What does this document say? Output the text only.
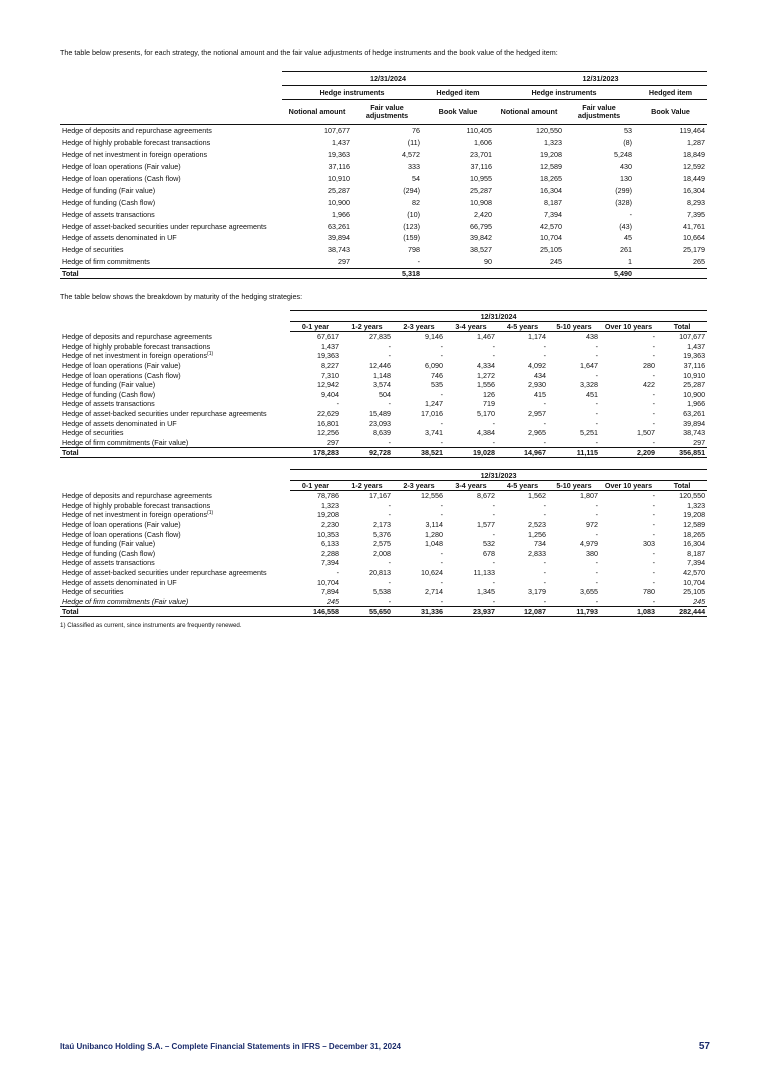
The table below presents, for each strategy, the notional amount and the fair value adjustments of hedge instruments and the book value of the hedged item:

	12/31/2024			12/31/2023		
	Hedge instruments		Hedged item	Hedge instruments		Hedged item
	Notional amount	Fair value adjustments	Book Value	Notional amount	Fair value adjustments	Book Value
Hedge of deposits and repurchase agreements	107,677	76	110,405	120,550	53	119,464
Hedge of highly probable forecast transactions	1,437	(11)	1,606	1,323	(8)	1,287
Hedge of net investment in foreign operations	19,363	4,572	23,701	19,208	5,248	18,849
Hedge of loan operations (Fair value)	37,116	333	37,116	12,589	430	12,592
Hedge of loan operations (Cash flow)	10,910	54	10,955	18,265	130	18,449
Hedge of funding (Fair value)	25,287	(294)	25,287	16,304	(299)	16,304
Hedge of funding (Cash flow)	10,900	82	10,908	8,187	(328)	8,293
Hedge of assets transactions	1,966	(10)	2,420	7,394	-	7,395
Hedge of asset-backed securities under repurchase agreements	63,261	(123)	66,795	42,570	(43)	41,761
Hedge of assets denominated in UF	39,894	(159)	39,842	10,704	45	10,664
Hedge of securities	38,743	798	38,527	25,105	261	25,179
Hedge of firm commitments	297	-	90	245	1	265
Total		5,318			5,490	

The table below shows the breakdown by maturity of the hedging strategies:

	12/31/2024							
	0-1 year	1-2 years	2-3 years	3-4 years	4-5 years	5-10 years	Over 10 years	Total
Hedge of deposits and repurchase agreements	67,617	27,835	9,146	1,467	1,174	438	-	107,677
Hedge of highly probable forecast transactions	1,437	-	-	-	-	-	-	1,437
Hedge of net investment in foreign operations$^{(1)}$	19,363	-	-	-	-	-	-	19,363
Hedge of loan operations (Fair value)	8,227	12,446	6,090	4,334	4,092	1,647	280	37,116
Hedge of loan operations (Cash flow)	7,310	1,148	746	1,272	434	-	-	10,910
Hedge of funding (Fair value)	12,942	3,574	535	1,556	2,930	3,328	422	25,287
Hedge of funding (Cash flow)	9,404	504	-	126	415	451	-	10,900
Hedge of assets transactions	-	-	1,247	719	-	-	-	1,966
Hedge of asset-backed securities under repurchase agreements	22,629	15,489	17,016	5,170	2,957	-	-	63,261
Hedge of assets denominated in UF	16,801	23,093	-	-	-	-	-	39,894
Hedge of securities	12,256	8,639	3,741	4,384	2,965	5,251	1,507	38,743
Hedge of firm commitments (Fair value)	297	-	-	-	-	-	-	297
Total	178,283	92,728	38,521	19,028	14,967	11,115	2,209	356,851
	12/31/2023							
	0-1 year	1-2 years	2-3 years	3-4 years	4-5 years	5-10 years	Over 10 years	Total
Hedge of deposits and repurchase agreements	78,786	17,167	12,556	8,672	1,562	1,807	-	120,550
Hedge of highly probable forecast transactions	1,323	-	-	-	-	-	-	1,323
Hedge of net investment in foreign operations$^{(1)}$	19,208	-	-	-	-	-	-	19,208
Hedge of loan operations (Fair value)	2,230	2,173	3,114	1,577	2,523	972	-	12,589
Hedge of loan operations (Cash flow)	10,353	5,376	1,280	-	1,256	-	-	18,265
Hedge of funding (Fair value)	6,133	2,575	1,048	532	734	4,979	303	16,304
Hedge of funding (Cash flow)	2,288	2,008	-	678	2,833	380	-	8,187
Hedge of assets transactions	7,394	-	-	-	-	-	-	7,394
Hedge of asset-backed securities under repurchase agreements	-	20,813	10,624	11,133	-	-	-	42,570
Hedge of assets denominated in UF	10,704	-	-	-	-	-	-	10,704
Hedge of securities	7,894	5,538	2,714	1,345	3,179	3,655	780	25,105
Hedge of firm commitments (Fair value)	245	-	-	-	-	-	-	245
Total	146,558	55,650	31,336	23,937	12,087	11,793	1,083	282,444

1) Classified as current, since instruments are frequently renewed.

Itaú Unibanco Holding S.A. – Complete Financial Statements in IFRS – December 31, 2024	57
